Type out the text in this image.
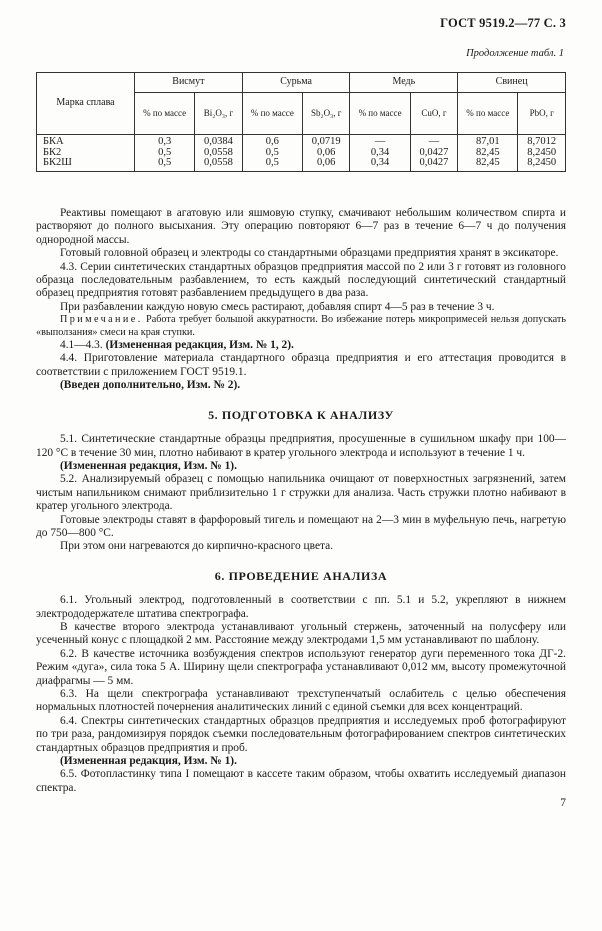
ГОСТ 9519.2—77 С. 3
Продолжение табл. 1
Марка сплава	Висмут		Сурьма		Медь		Свинец	
	% по массе	Bi₂O₃, г	% по массе	Sb₂O₃, г	% по массе	CuO, г	% по массе	PbO, г
БКА	0,3	0,0384	0,6	0,0719	—	—	87,01	8,7012
БК2	0,5	0,0558	0,5	0,06	0,34	0,0427	82,45	8,2450
БК2Ш	0,5	0,0558	0,5	0,06	0,34	0,0427	82,45	8,2450

Реактивы помещают в агатовую или яшмовую ступку, смачивают небольшим количеством спирта и растворяют до полного высыхания. Эту операцию повторяют 6—7 раз в течение 6—7 ч до получения однородной массы.

Готовый головной образец и электроды со стандартными образцами предприятия хранят в эксикаторе.

4.3. Серии синтетических стандартных образцов предприятия массой по 2 или 3 г готовят из головного образца последовательным разбавлением, то есть каждый последующий синтетический стандартный образец предприятия готовят разбавлением предыдущего в два раза.

При разбавлении каждую новую смесь растирают, добавляя спирт 4—5 раз в течение 3 ч.

Примечание. Работа требует большой аккуратности. Во избежание потерь микропримесей нельзя допускать «выползания» смеси на края ступки.

4.1—4.3. (Измененная редакция, Изм. № 1, 2).

4.4. Приготовление материала стандартного образца предприятия и его аттестация проводится в соответствии с приложением ГОСТ 9519.1.

(Введен дополнительно, Изм. № 2).

5. ПОДГОТОВКА К АНАЛИЗУ

5.1. Синтетические стандартные образцы предприятия, просушенные в сушильном шкафу при 100—120 °С в течение 30 мин, плотно набивают в кратер угольного электрода и используют в течение 1 ч.

(Измененная редакция, Изм. № 1).

5.2. Анализируемый образец с помощью напильника очищают от поверхностных загрязнений, затем чистым напильником снимают приблизительно 1 г стружки для анализа. Часть стружки плотно набивают в кратер угольного электрода.

Готовые электроды ставят в фарфоровый тигель и помещают на 2—3 мин в муфельную печь, нагретую до 750—800 °С.

При этом они нагреваются до кирпично-красного цвета.

6. ПРОВЕДЕНИЕ АНАЛИЗА

6.1. Угольный электрод, подготовленный в соответствии с пп. 5.1 и 5.2, укрепляют в нижнем электрододержателе штатива спектрографа.

В качестве второго электрода устанавливают угольный стержень, заточенный на полусферу или усеченный конус с площадкой 2 мм. Расстояние между электродами 1,5 мм устанавливают по шаблону.

6.2. В качестве источника возбуждения спектров используют генератор дуги переменного тока ДГ-2. Режим «дуга», сила тока 5 А. Ширину щели спектрографа устанавливают 0,012 мм, высоту промежуточной диафрагмы — 5 мм.

6.3. На щели спектрографа устанавливают трехступенчатый ослабитель с целью обеспечения нормальных плотностей почернения аналитических линий с единой съемки для всех концентраций.

6.4. Спектры синтетических стандартных образцов предприятия и исследуемых проб фотографируют по три раза, рандомизируя порядок съемки последовательным фотографированием спектров синтетических стандартных образцов предприятия и проб.

(Измененная редакция, Изм. № 1).

6.5. Фотопластинку типа I помещают в кассете таким образом, чтобы охватить исследуемый диапазон спектра.

7
